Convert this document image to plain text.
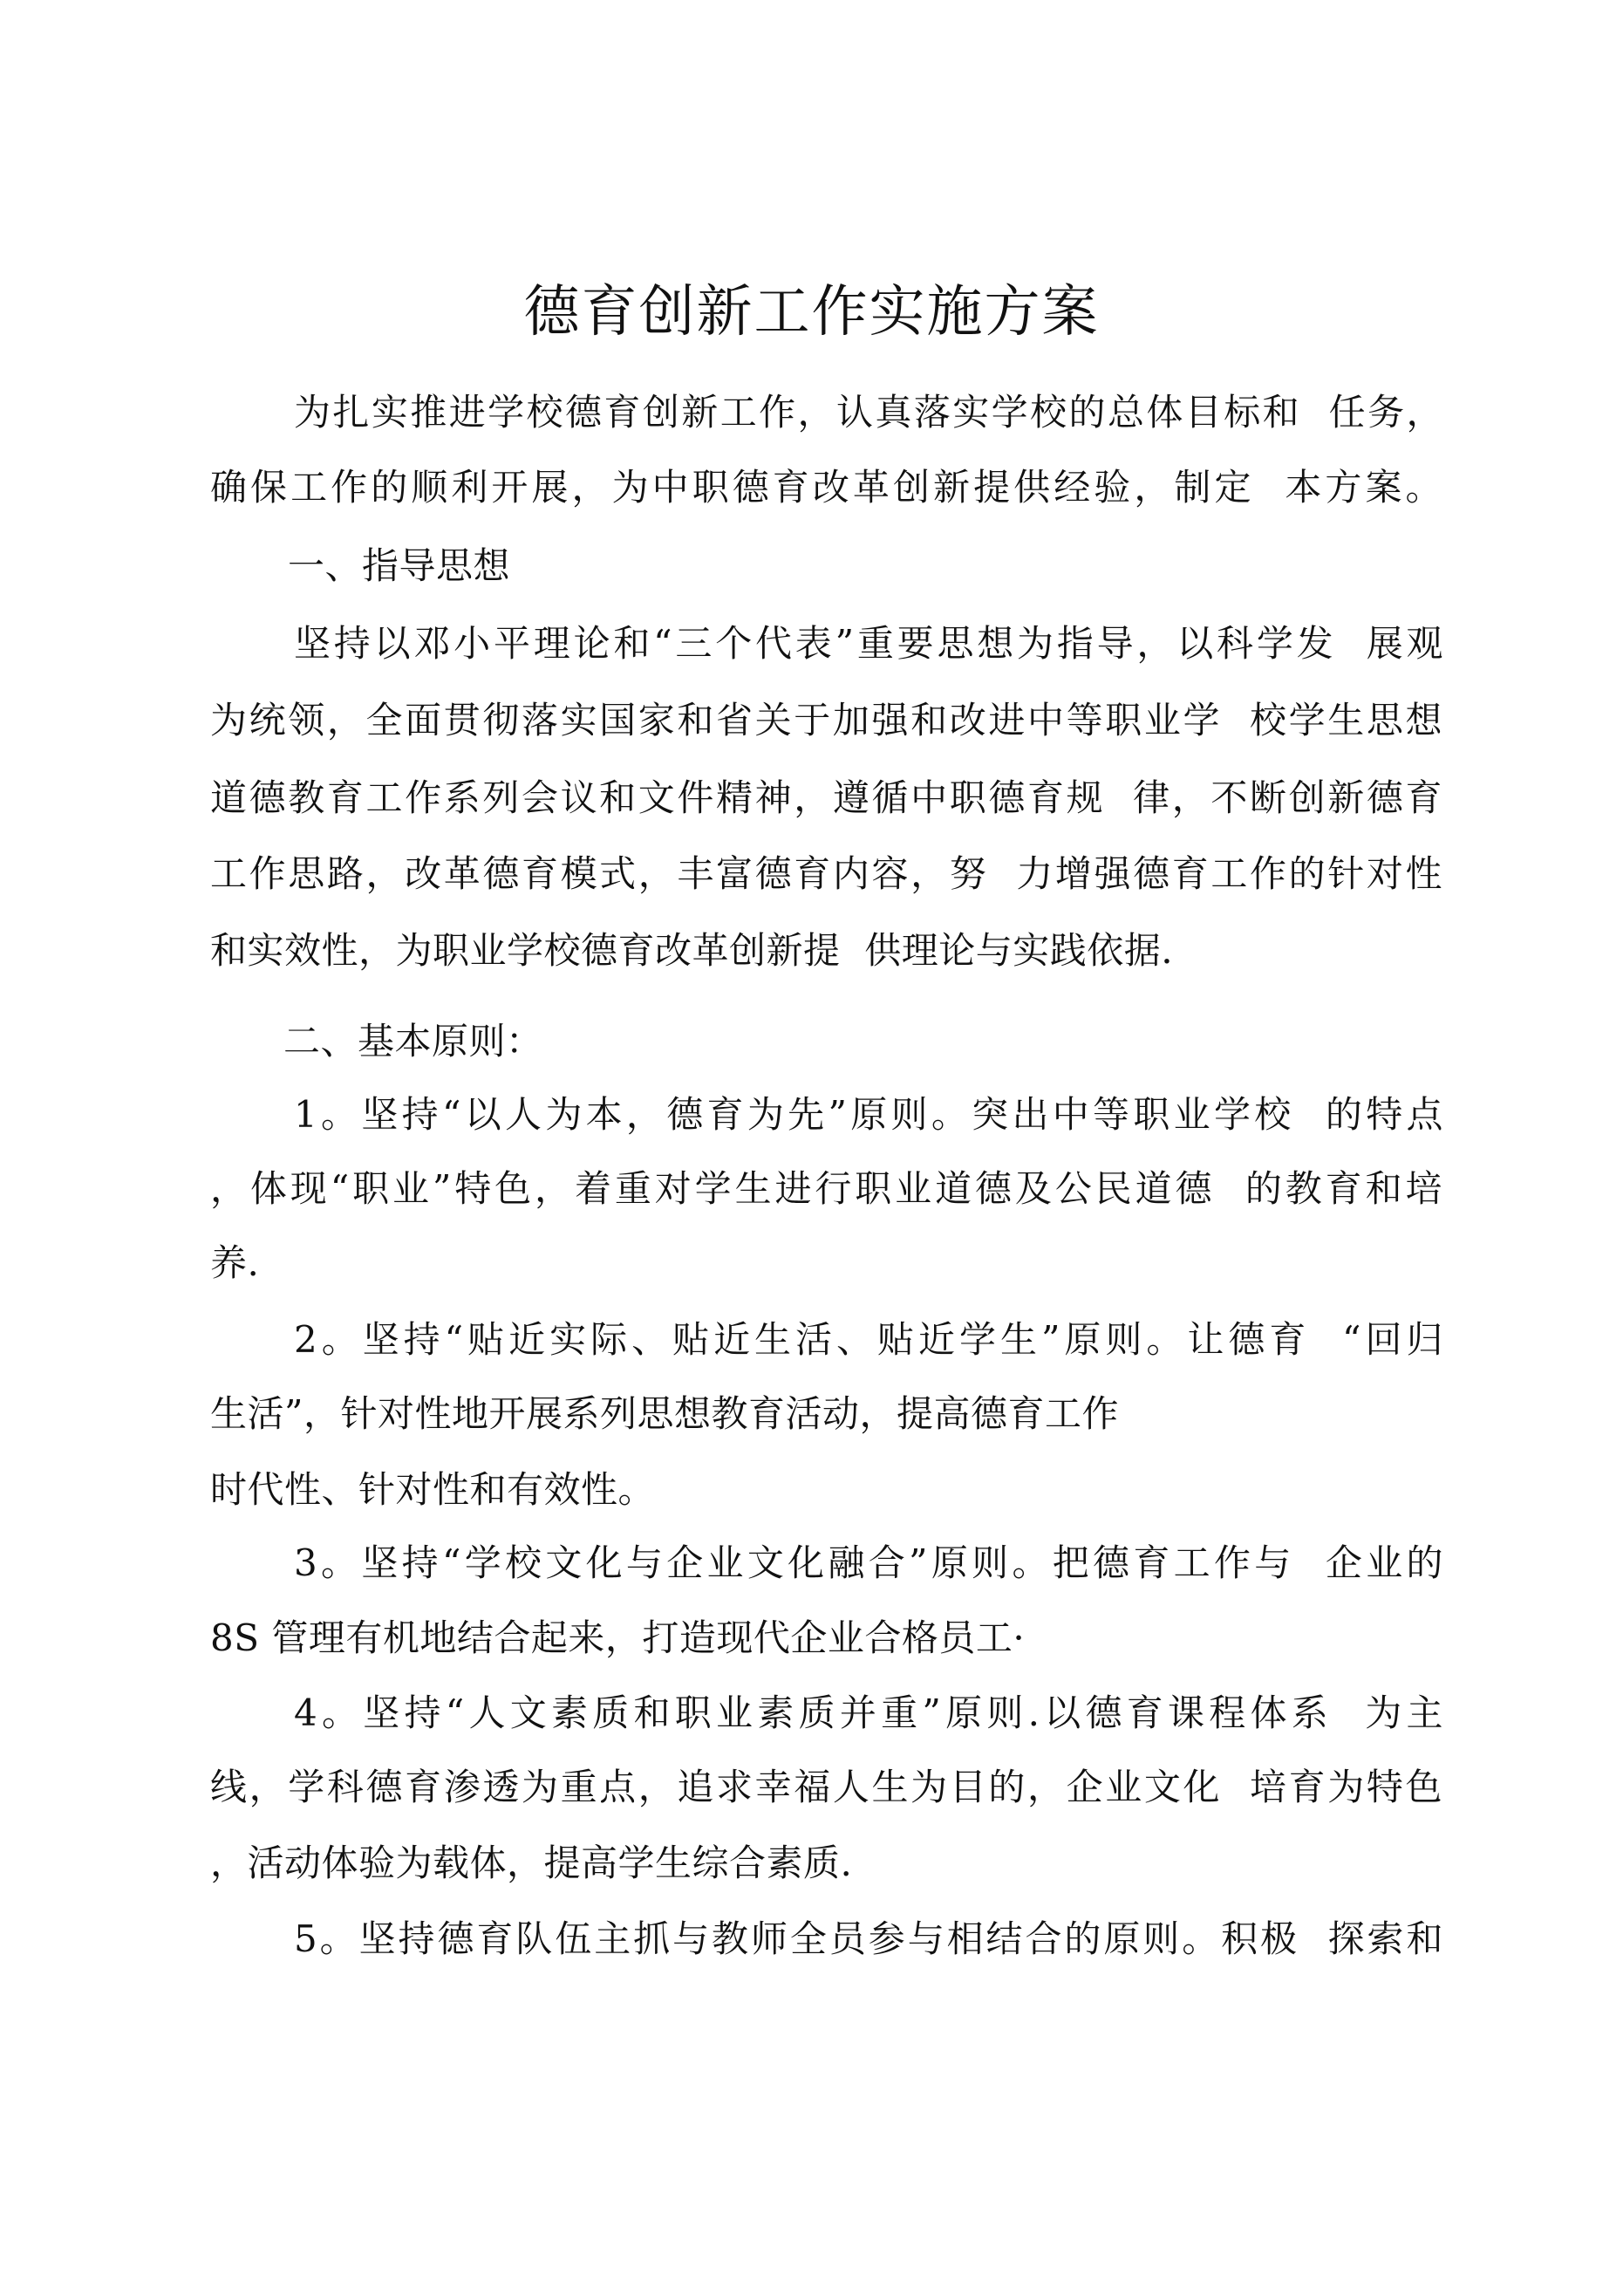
德育创新工作实施方案
为扎实推进学校德育创新工作，认真落实学校的总体目标和  任务，
确保工作的顺利开展，为中职德育改革创新提供经验，制定  本方案。
一、指导思想
坚持以邓小平理论和“三个代表”重要思想为指导，以科学发  展观
为统领，全面贯彻落实国家和省关于加强和改进中等职业学  校学生思想
道德教育工作系列会议和文件精神，遵循中职德育规  律，不断创新德育
工作思路，改革德育模式，丰富德育内容，努  力增强德育工作的针对性
和实效性，为职业学校德育改革创新提  供理论与实践依据.
二、基本原则：
1。坚持“以人为本，德育为先”原则。突出中等职业学校  的特点
，体现“职业”特色，着重对学生进行职业道德及公民道德  的教育和培
养.
2。坚持“贴近实际、贴近生活、贴近学生”原则。让德育  “回归
生活”，针对性地开展系列思想教育活动，提高德育工作
时代性、针对性和有效性。
3。坚持“学校文化与企业文化融合”原则。把德育工作与  企业的
8S 管理有机地结合起来，打造现代企业合格员工·
4。坚持“人文素质和职业素质并重”原则.以德育课程体系  为主
线，学科德育渗透为重点，追求幸福人生为目的，企业文化  培育为特色
，活动体验为载体，提高学生综合素质.
5。坚持德育队伍主抓与教师全员参与相结合的原则。积极  探索和
